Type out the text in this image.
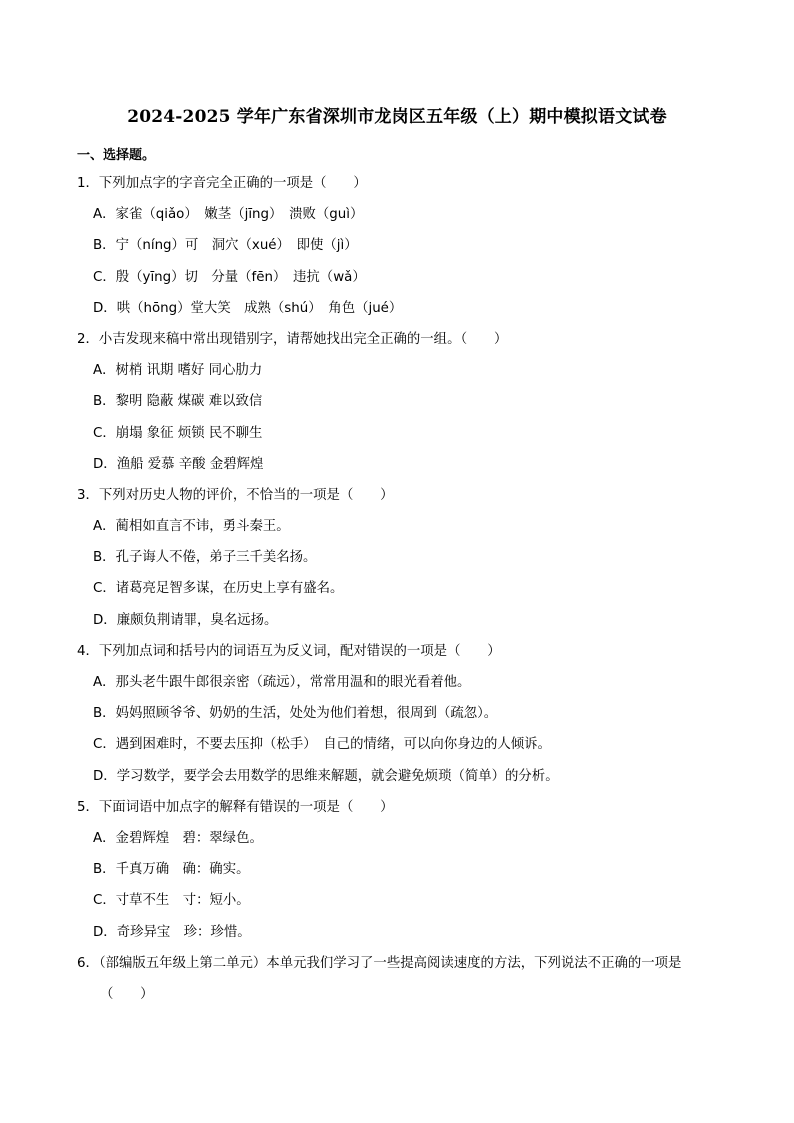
2024-2025 学年广东省深圳市龙岗区五年级（上）期中模拟语文试卷
一、选择题。
1．下列加点字的字音完全正确的一项是（　　）
A．家雀（qiǎo）　嫩茎（jīng）　溃败（guì）
B．宁（níng）可　洞穴（xué）　即使（jì）
C．殷（yīng）切　分量（fēn）　违抗（wǎ）
D．哄（hōng）堂大笑　成熟（shú）　角色（jué）
2．小吉发现来稿中常出现错别字，请帮她找出完全正确的一组。（　　）
A．树梢 讯期 嗜好 同心肋力
B．黎明 隐蔽 煤碳 难以致信
C．崩塌 象征 烦锁 民不聊生
D．渔船 爱慕 辛酸 金碧辉煌
3．下列对历史人物的评价，不恰当的一项是（　　）
A．蔺相如直言不讳，勇斗秦王。
B．孔子诲人不倦，弟子三千美名扬。
C．诸葛亮足智多谋，在历史上享有盛名。
D．廉颇负荆请罪，臭名远扬。
4．下列加点词和括号内的词语互为反义词，配对错误的一项是（　　）
A．那头老牛跟牛郎很亲密（疏远），常常用温和的眼光看着他。
B．妈妈照顾爷爷、奶奶的生活，处处为他们着想，很周到（疏忽）。
C．遇到困难时，不要去压抑（松手）　自己的情绪，可以向你身边的人倾诉。
D．学习数学，要学会去用数学的思维来解题，就会避免烦琐（简单）的分析。
5．下面词语中加点字的解释有错误的一项是（　　）
A．金碧辉煌　碧：翠绿色。
B．千真万确　确：确实。
C．寸草不生　寸：短小。
D．奇珍异宝　珍：珍惜。
6．（部编版五年级上第二单元）本单元我们学习了一些提高阅读速度的方法，下列说法不正确的一项是
（　　）
